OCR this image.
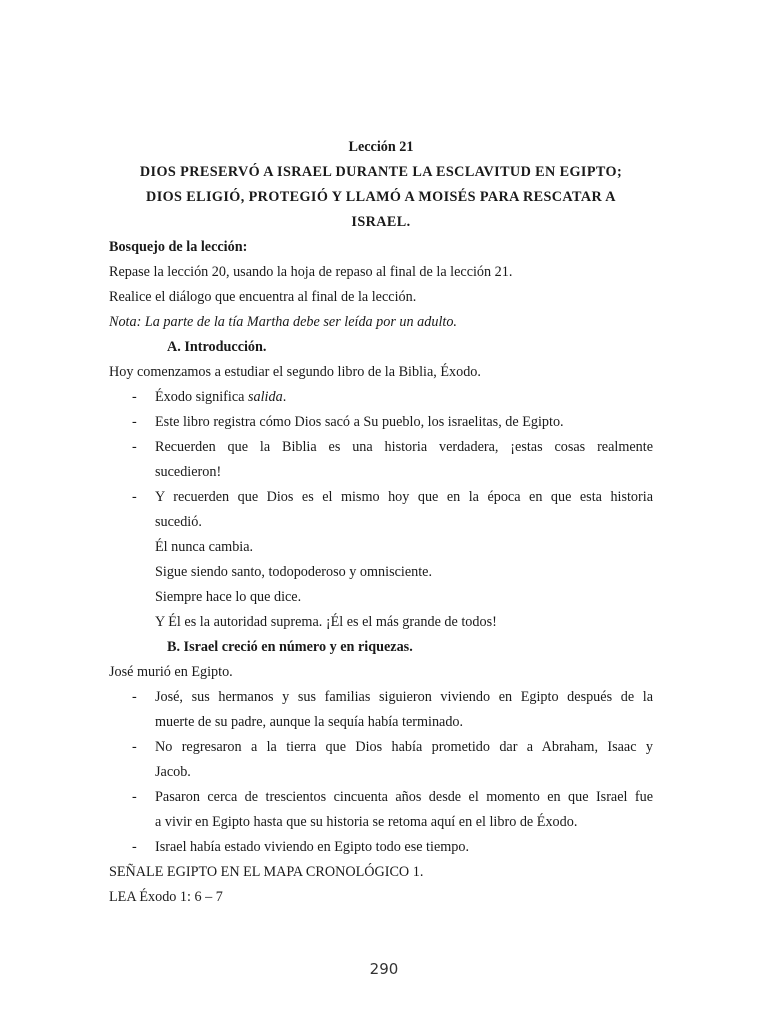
Lección 21
DIOS PRESERVÓ A ISRAEL DURANTE LA ESCLAVITUD EN EGIPTO;
DIOS ELIGIÓ, PROTEGIÓ Y LLAMÓ A MOISÉS PARA RESCATAR A
ISRAEL.
Bosquejo de la lección:
Repase la lección 20, usando la hoja de repaso al final de la lección 21.
Realice el diálogo que encuentra al final de la lección.
Nota: La parte de la tía Martha debe ser leída por un adulto.
A. Introducción.
Hoy comenzamos a estudiar el segundo libro de la Biblia, Éxodo.
-	Éxodo significa salida.
-	Este libro registra cómo Dios sacó a Su pueblo, los israelitas, de Egipto.
-	Recuerden que la Biblia es una historia verdadera, ¡estas cosas realmente
sucedieron!
-	Y recuerden que Dios es el mismo hoy que en la época en que esta historia
sucedió.
Él nunca cambia.
Sigue siendo santo, todopoderoso y omnisciente.
Siempre hace lo que dice.
Y Él es la autoridad suprema. ¡Él es el más grande de todos!
B. Israel creció en número y en riquezas.
José murió en Egipto.
-	José, sus hermanos y sus familias siguieron viviendo en Egipto después de la
muerte de su padre, aunque la sequía había terminado.
-	No regresaron a la tierra que Dios había prometido dar a Abraham, Isaac y
Jacob.
-	Pasaron cerca de trescientos cincuenta años desde el momento en que Israel fue
a vivir en Egipto hasta que su historia se retoma aquí en el libro de Éxodo.
-	Israel había estado viviendo en Egipto todo ese tiempo.
SEÑALE EGIPTO EN EL MAPA CRONOLÓGICO 1.
LEA Éxodo 1: 6 – 7
290
